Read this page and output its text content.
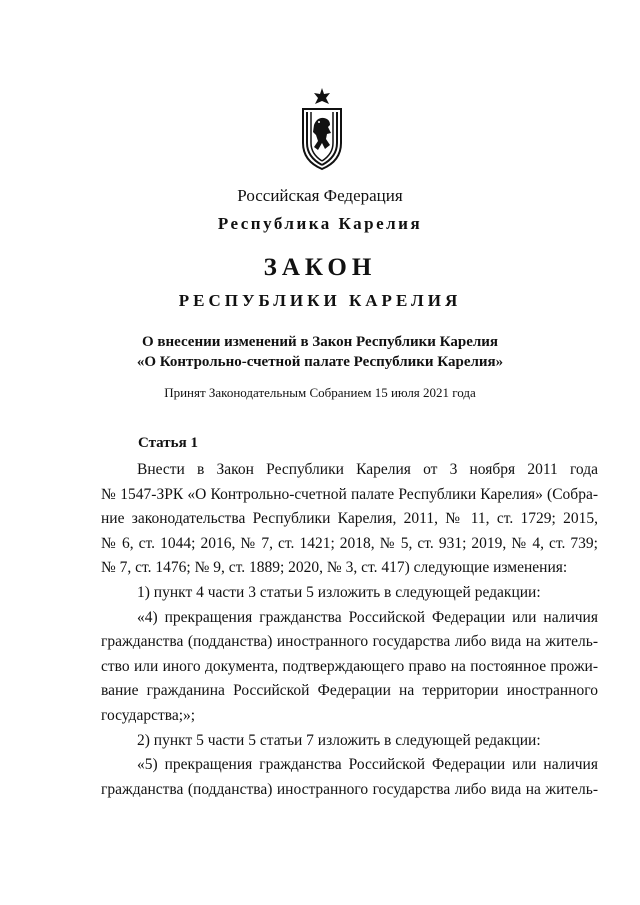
Российская Федерация
Республика Карелия
ЗАКОН
РЕСПУБЛИКИ КАРЕЛИЯ
О внесении изменений в Закон Республики Карелия
«О Контрольно-счетной палате Республики Карелия»
Принят Законодательным Собранием 15 июля 2021 года
Статья 1

Внести в Закон Республики Карелия от 3 ноября 2011 года

№ 1547-ЗРК «О Контрольно-счетной палате Республики Карелия» (Собра-

ние законодательства Республики Карелия, 2011, № 11, ст. 1729; 2015,

№ 6, ст. 1044; 2016, № 7, ст. 1421; 2018, № 5, ст. 931; 2019, № 4, ст. 739;

№ 7, ст. 1476; № 9, ст. 1889; 2020, № 3, ст. 417) следующие изменения:

1) пункт 4 части 3 статьи 5 изложить в следующей редакции:

«4) прекращения гражданства Российской Федерации или наличия

гражданства (подданства) иностранного государства либо вида на житель-

ство или иного документа, подтверждающего право на постоянное прожи-

вание гражданина Российской Федерации на территории иностранного

государства;»;

2) пункт 5 части 5 статьи 7 изложить в следующей редакции:

«5) прекращения гражданства Российской Федерации или наличия

гражданства (подданства) иностранного государства либо вида на житель-
